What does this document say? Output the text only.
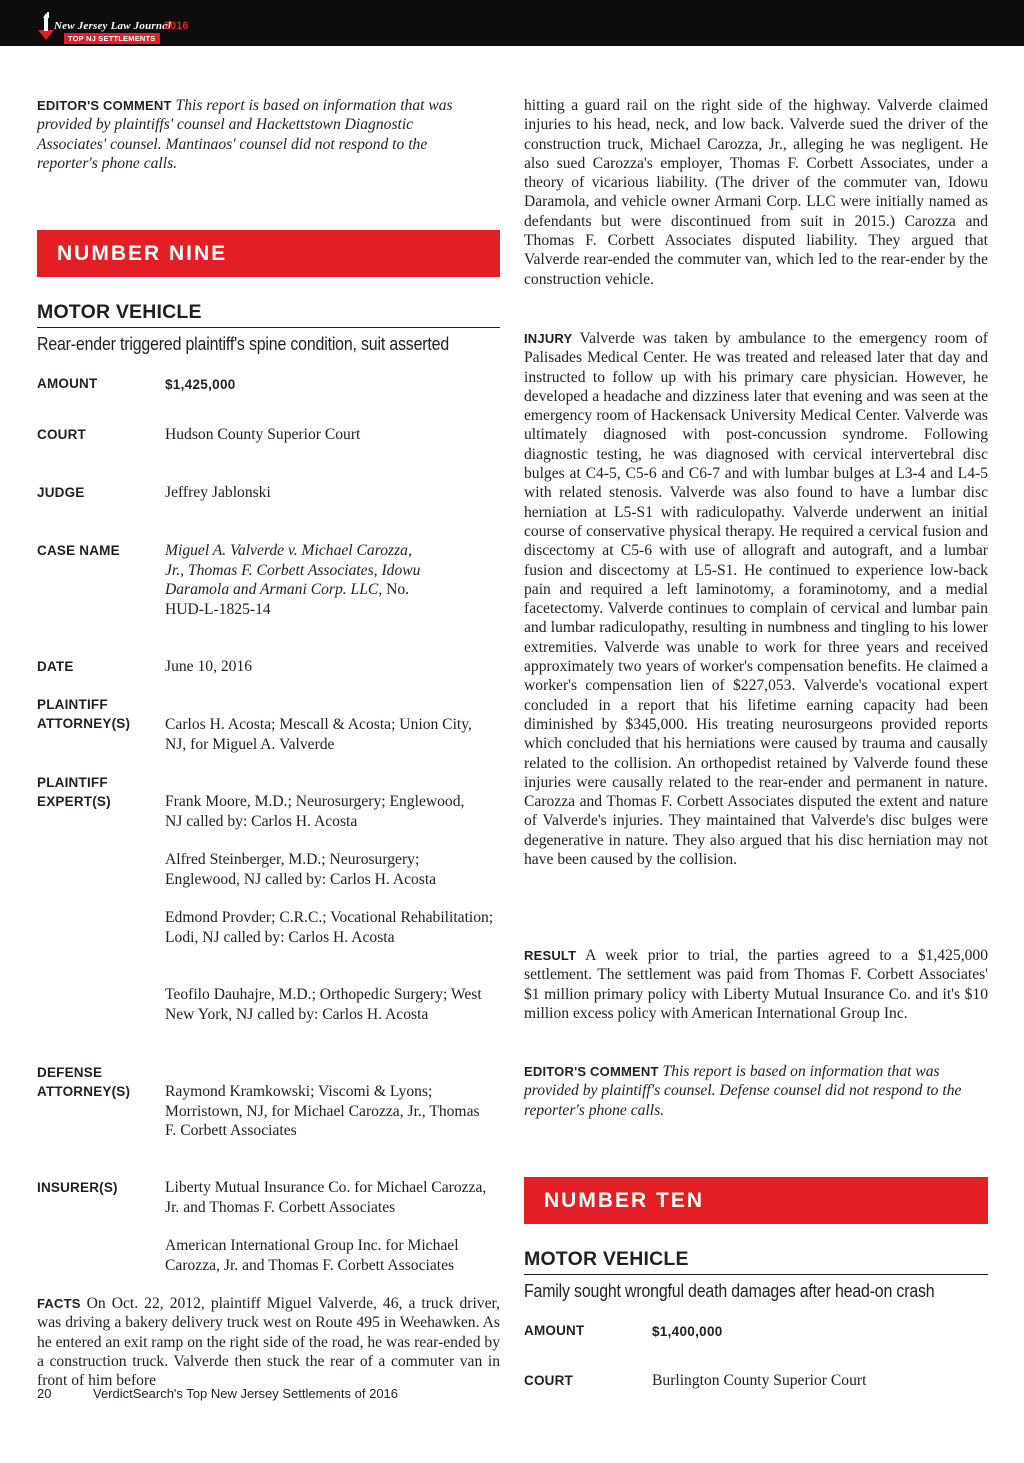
New Jersey Law Journal
2016
TOP NJ SETTLEMENTS

EDITOR'S COMMENT This report is based on information that was provided by plaintiffs' counsel and Hackettstown Diagnostic Associates' counsel. Mantinaos' counsel did not respond to the reporter's phone calls.

NUMBER NINE
MOTOR VEHICLE
Rear-ender triggered plaintiff's spine condition, suit asserted
AMOUNT	$1,425,000
COURT	Hudson County Superior Court
JUDGE	Jeffrey Jablonski
CASE NAME	Miguel A. Valverde v. Michael Carozza,
Jr., Thomas F. Corbett Associates, Idowu
Daramola and Armani Corp. LLC, No.
HUD-L-1825-14
DATE	June 10, 2016
PLAINTIFF
ATTORNEY(S) Carlos H. Acosta; Mescall & Acosta; Union City, NJ, for Miguel A. Valverde
PLAINTIFF
EXPERT(S)	Frank Moore, M.D.; Neurosurgery; Englewood, NJ called by: Carlos H. Acosta
Alfred Steinberger, M.D.; Neurosurgery; Englewood, NJ called by: Carlos H. Acosta
Edmond Provder; C.R.C.; Vocational Rehabilitation; Lodi, NJ called by: Carlos H. Acosta
Teofilo Dauhajre, M.D.; Orthopedic Surgery; West New York, NJ called by: Carlos H. Acosta
DEFENSE
ATTORNEY(S) Raymond Kramkowski; Viscomi & Lyons; Morristown, NJ, for Michael Carozza, Jr., Thomas F. Corbett Associates
INSURER(S)	Liberty Mutual Insurance Co. for Michael Carozza, Jr. and Thomas F. Corbett Associates
American International Group Inc. for Michael Carozza, Jr. and Thomas F. Corbett Associates

FACTS On Oct. 22, 2012, plaintiff Miguel Valverde, 46, a truck driver, was driving a bakery delivery truck west on Route 495 in Weehawken. As he entered an exit ramp on the right side of the road, he was rear-ended by a construction truck. Valverde then stuck the rear of a commuter van in front of him before

hitting a guard rail on the right side of the highway. Valverde claimed injuries to his head, neck, and low back. Valverde sued the driver of the construction truck, Michael Carozza, Jr., alleging he was negligent. He also sued Carozza's employer, Thomas F. Corbett Associates, under a theory of vicarious liability. (The driver of the commuter van, Idowu Daramola, and vehicle owner Armani Corp. LLC were initially named as defendants but were discontinued from suit in 2015.) Carozza and Thomas F. Corbett Associates disputed liability. They argued that Valverde rear-ended the commuter van, which led to the rear-ender by the construction vehicle.

INJURY Valverde was taken by ambulance to the emergency room of Palisades Medical Center. He was treated and released later that day and instructed to follow up with his primary care physician. However, he developed a headache and dizziness later that evening and was seen at the emergency room of Hackensack University Medical Center. Valverde was ultimately diagnosed with post-concussion syndrome. Following diagnostic testing, he was diagnosed with cervical intervertebral disc bulges at C4-5, C5-6 and C6-7 and with lumbar bulges at L3-4 and L4-5 with related stenosis. Valverde was also found to have a lumbar disc herniation at L5-S1 with radiculopathy. Valverde underwent an initial course of conservative physical therapy. He required a cervical fusion and discectomy at C5-6 with use of allograft and autograft, and a lumbar fusion and discectomy at L5-S1. He continued to experience low-back pain and required a left laminotomy, a foraminotomy, and a medial facetectomy. Valverde continues to complain of cervical and lumbar pain and lumbar radiculopathy, resulting in numbness and tingling to his lower extremities. Valverde was unable to work for three years and received approximately two years of worker's compensation benefits. He claimed a worker's compensation lien of $227,053. Valverde's vocational expert concluded in a report that his lifetime earning capacity had been diminished by $345,000. His treating neurosurgeons provided reports which concluded that his herniations were caused by trauma and causally related to the collision. An orthopedist retained by Valverde found these injuries were causally related to the rear-ender and permanent in nature. Carozza and Thomas F. Corbett Associates disputed the extent and nature of Valverde's injuries. They maintained that Valverde's disc bulges were degenerative in nature. They also argued that his disc herniation may not have been caused by the collision.

RESULT A week prior to trial, the parties agreed to a $1,425,000 settlement. The settlement was paid from Thomas F. Corbett Associates' $1 million primary policy with Liberty Mutual Insurance Co. and it's $10 million excess policy with American International Group Inc.

EDITOR'S COMMENT This report is based on information that was provided by plaintiff's counsel. Defense counsel did not respond to the reporter's phone calls.

NUMBER TEN
MOTOR VEHICLE
Family sought wrongful death damages after head-on crash
AMOUNT	$1,400,000
COURT	Burlington County Superior Court
20	VerdictSearch's Top New Jersey Settlements of 2016
